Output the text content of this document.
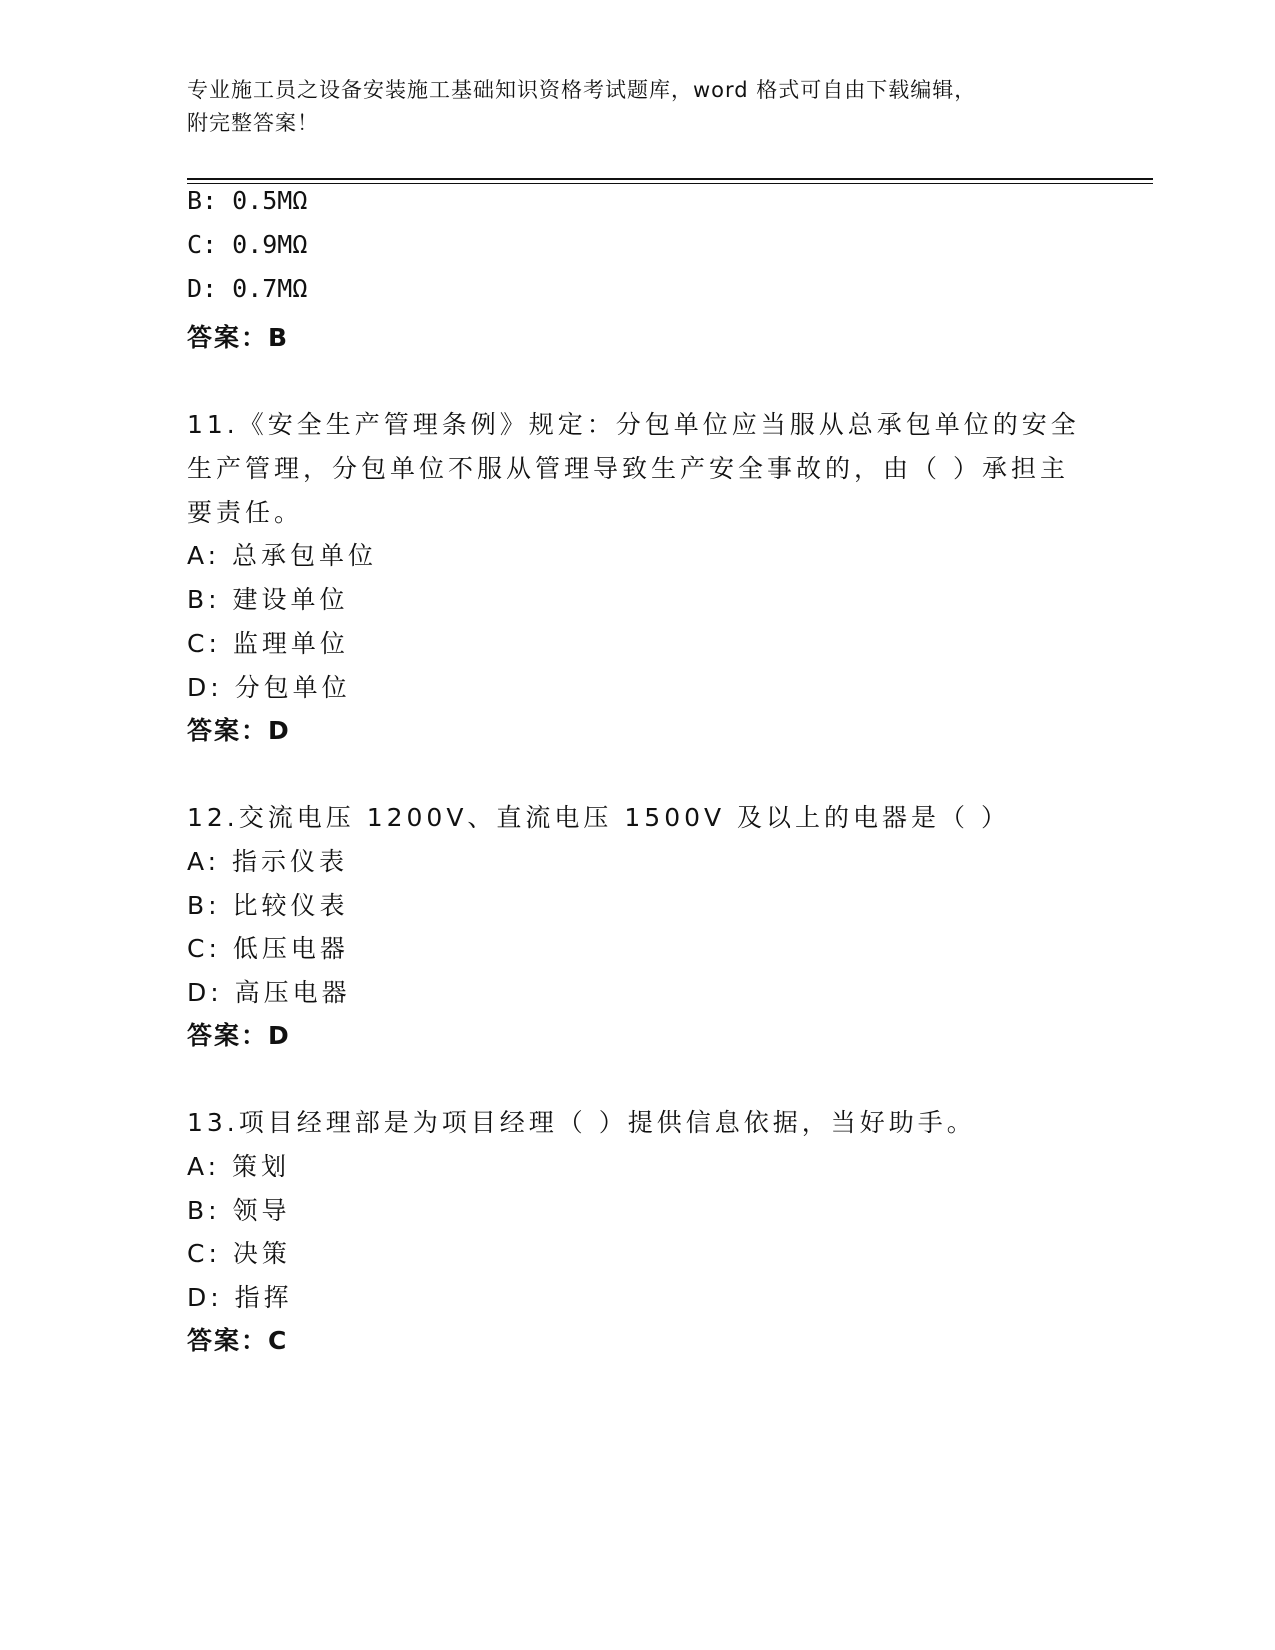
专业施工员之设备安装施工基础知识资格考试题库，word 格式可自由下载编辑，
附完整答案！
B: 0.5MΩ
C: 0.9MΩ
D: 0.7MΩ
答案：B
11.《安全生产管理条例》规定：分包单位应当服从总承包单位的安全
生产管理，分包单位不服从管理导致生产安全事故的，由（ ）承担主
要责任。
A: 总承包单位
B: 建设单位
C: 监理单位
D: 分包单位
答案：D
12.交流电压 1200V、直流电压 1500V 及以上的电器是（ ）
A: 指示仪表
B: 比较仪表
C: 低压电器
D: 高压电器
答案：D
13.项目经理部是为项目经理（ ）提供信息依据，当好助手。
A: 策划
B: 领导
C: 决策
D: 指挥
答案：C
